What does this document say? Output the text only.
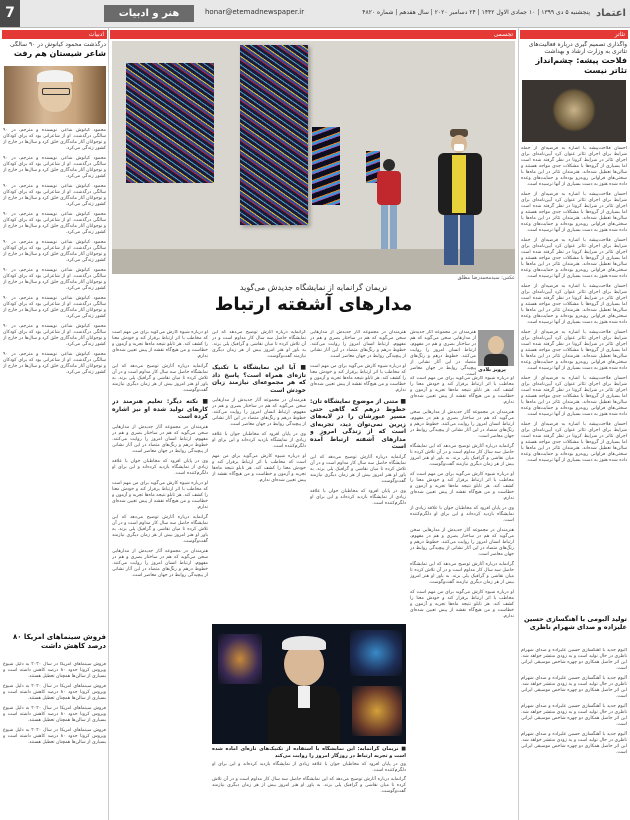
7	هنر و ادبیات	honar@etemadnewspaper.ir	پنجشنبه ۵ دی ۱۳۹۹ | ۱۰ جمادی الاول ۱۴۴۲ | ۲۴ دسامبر ۲۰۲۰ | سال هفدهم | شماره ۴۸۲۰ اعتماد
تئاتر
واگذاری تصمیم گیری درباره فعالیت‌های تئاتری به وزارت ارشاد و بهداشت
فلاحت پیشه: چشم‌انداز تئاتر نیست
احسان فلاحت‌پیشه با اشاره به فرضیه‌ای از جمله شرایط برای اجرای تئاتر عنوان کرد آیین‌نامه‌ای برای اجرای تئاتر در شرایط کرونا در نظر گرفته شده است اما بسیاری از گروه‌ها با مشکلات جدی مواجه هستند و سالن‌ها تعطیل شده‌اند. هنرمندان تئاتر در این ماه‌ها با سختی‌های فراوانی روبه‌رو بوده‌اند و حمایت‌های وعده داده شده هنوز به دست بسیاری از آنها نرسیده است.
احسان فلاحت‌پیشه با اشاره به فرضیه‌ای از جمله شرایط برای اجرای تئاتر عنوان کرد آیین‌نامه‌ای برای اجرای تئاتر در شرایط کرونا در نظر گرفته شده است اما بسیاری از گروه‌ها با مشکلات جدی مواجه هستند و سالن‌ها تعطیل شده‌اند. هنرمندان تئاتر در این ماه‌ها با سختی‌های فراوانی روبه‌رو بوده‌اند و حمایت‌های وعده داده شده هنوز به دست بسیاری از آنها نرسیده است.
احسان فلاحت‌پیشه با اشاره به فرضیه‌ای از جمله شرایط برای اجرای تئاتر عنوان کرد آیین‌نامه‌ای برای اجرای تئاتر در شرایط کرونا در نظر گرفته شده است اما بسیاری از گروه‌ها با مشکلات جدی مواجه هستند و سالن‌ها تعطیل شده‌اند. هنرمندان تئاتر در این ماه‌ها با سختی‌های فراوانی روبه‌رو بوده‌اند و حمایت‌های وعده داده شده هنوز به دست بسیاری از آنها نرسیده است.
احسان فلاحت‌پیشه با اشاره به فرضیه‌ای از جمله شرایط برای اجرای تئاتر عنوان کرد آیین‌نامه‌ای برای اجرای تئاتر در شرایط کرونا در نظر گرفته شده است اما بسیاری از گروه‌ها با مشکلات جدی مواجه هستند و سالن‌ها تعطیل شده‌اند. هنرمندان تئاتر در این ماه‌ها با سختی‌های فراوانی روبه‌رو بوده‌اند و حمایت‌های وعده داده شده هنوز به دست بسیاری از آنها نرسیده است.
احسان فلاحت‌پیشه با اشاره به فرضیه‌ای از جمله شرایط برای اجرای تئاتر عنوان کرد آیین‌نامه‌ای برای اجرای تئاتر در شرایط کرونا در نظر گرفته شده است اما بسیاری از گروه‌ها با مشکلات جدی مواجه هستند و سالن‌ها تعطیل شده‌اند. هنرمندان تئاتر در این ماه‌ها با سختی‌های فراوانی روبه‌رو بوده‌اند و حمایت‌های وعده داده شده هنوز به دست بسیاری از آنها نرسیده است.
احسان فلاحت‌پیشه با اشاره به فرضیه‌ای از جمله شرایط برای اجرای تئاتر عنوان کرد آیین‌نامه‌ای برای اجرای تئاتر در شرایط کرونا در نظر گرفته شده است اما بسیاری از گروه‌ها با مشکلات جدی مواجه هستند و سالن‌ها تعطیل شده‌اند. هنرمندان تئاتر در این ماه‌ها با سختی‌های فراوانی روبه‌رو بوده‌اند و حمایت‌های وعده داده شده هنوز به دست بسیاری از آنها نرسیده است.
احسان فلاحت‌پیشه با اشاره به فرضیه‌ای از جمله شرایط برای اجرای تئاتر عنوان کرد آیین‌نامه‌ای برای اجرای تئاتر در شرایط کرونا در نظر گرفته شده است اما بسیاری از گروه‌ها با مشکلات جدی مواجه هستند و سالن‌ها تعطیل شده‌اند. هنرمندان تئاتر در این ماه‌ها با سختی‌های فراوانی روبه‌رو بوده‌اند و حمایت‌های وعده داده شده هنوز به دست بسیاری از آنها نرسیده است.
تولید آلبومی با آهنگسازی حسین علیزاده و صدای شهرام ناظری
آلبوم جدید با آهنگسازی حسین علیزاده و صدای شهرام ناظری در حال تولید است و به زودی منتشر خواهد شد. این اثر حاصل همکاری دو چهره شاخص موسیقی ایرانی است.
آلبوم جدید با آهنگسازی حسین علیزاده و صدای شهرام ناظری در حال تولید است و به زودی منتشر خواهد شد. این اثر حاصل همکاری دو چهره شاخص موسیقی ایرانی است.
آلبوم جدید با آهنگسازی حسین علیزاده و صدای شهرام ناظری در حال تولید است و به زودی منتشر خواهد شد. این اثر حاصل همکاری دو چهره شاخص موسیقی ایرانی است.
آلبوم جدید با آهنگسازی حسین علیزاده و صدای شهرام ناظری در حال تولید است و به زودی منتشر خواهد شد. این اثر حاصل همکاری دو چهره شاخص موسیقی ایرانی است.
ادبیات
درگذشت محمود کیانوش در ۹۰ سالگی
شاعر شیستان هم رفت
محمود کیانوش شاعر، نویسنده و مترجم، در ۹۰ سالگی درگذشت. او از شاعرانی بود که برای کودکان و نوجوانان آثار ماندگاری خلق کرد و سال‌ها در خارج از کشور زندگی می‌کرد.
محمود کیانوش شاعر، نویسنده و مترجم، در ۹۰ سالگی درگذشت. او از شاعرانی بود که برای کودکان و نوجوانان آثار ماندگاری خلق کرد و سال‌ها در خارج از کشور زندگی می‌کرد.
محمود کیانوش شاعر، نویسنده و مترجم، در ۹۰ سالگی درگذشت. او از شاعرانی بود که برای کودکان و نوجوانان آثار ماندگاری خلق کرد و سال‌ها در خارج از کشور زندگی می‌کرد.
محمود کیانوش شاعر، نویسنده و مترجم، در ۹۰ سالگی درگذشت. او از شاعرانی بود که برای کودکان و نوجوانان آثار ماندگاری خلق کرد و سال‌ها در خارج از کشور زندگی می‌کرد.
محمود کیانوش شاعر، نویسنده و مترجم، در ۹۰ سالگی درگذشت. او از شاعرانی بود که برای کودکان و نوجوانان آثار ماندگاری خلق کرد و سال‌ها در خارج از کشور زندگی می‌کرد.
محمود کیانوش شاعر، نویسنده و مترجم، در ۹۰ سالگی درگذشت. او از شاعرانی بود که برای کودکان و نوجوانان آثار ماندگاری خلق کرد و سال‌ها در خارج از کشور زندگی می‌کرد.
محمود کیانوش شاعر، نویسنده و مترجم، در ۹۰ سالگی درگذشت. او از شاعرانی بود که برای کودکان و نوجوانان آثار ماندگاری خلق کرد و سال‌ها در خارج از کشور زندگی می‌کرد.
محمود کیانوش شاعر، نویسنده و مترجم، در ۹۰ سالگی درگذشت. او از شاعرانی بود که برای کودکان و نوجوانان آثار ماندگاری خلق کرد و سال‌ها در خارج از کشور زندگی می‌کرد.
محمود کیانوش شاعر، نویسنده و مترجم، در ۹۰ سالگی درگذشت. او از شاعرانی بود که برای کودکان و نوجوانان آثار ماندگاری خلق کرد و سال‌ها در خارج از کشور زندگی می‌کرد.
فروش سینماهای امریکا ۸۰ درصد کاهش داشت
فروش سینماهای امریکا در سال ۲۰۲۰ به دلیل شیوع ویروس کرونا حدود ۸۰ درصد کاهش داشته است و بسیاری از سالن‌ها همچنان تعطیل هستند.
فروش سینماهای امریکا در سال ۲۰۲۰ به دلیل شیوع ویروس کرونا حدود ۸۰ درصد کاهش داشته است و بسیاری از سالن‌ها همچنان تعطیل هستند.
فروش سینماهای امریکا در سال ۲۰۲۰ به دلیل شیوع ویروس کرونا حدود ۸۰ درصد کاهش داشته است و بسیاری از سالن‌ها همچنان تعطیل هستند.
فروش سینماهای امریکا در سال ۲۰۲۰ به دلیل شیوع ویروس کرونا حدود ۸۰ درصد کاهش داشته است و بسیاری از سالن‌ها همچنان تعطیل هستند.
تجسمی
عکس: سیدمحمدرضا مطلق
نریمان گرانمایه از نمایشگاه جدیدش می‌گوید
مدارهای آشفته ارتباط
پرویز بلادی
هنرمندان در مجموعه آثار جدیدش از مدارهایی سخن می‌گوید که هم در ساختار بصری و هم در مفهوم، ارتباط انسان امروز را روایت می‌کنند. خطوط درهم و رنگ‌های متضاد در این آثار نشانی از پیچیدگی روابط در جهان معاصر است.
او درباره شیوه کارش می‌گوید برای من مهم است که مخاطب با اثر ارتباط برقرار کند و خودش معنا را کشف کند. هر تابلو نتیجه ماه‌ها تجربه و آزمون و خطاست و من هیچ‌گاه نقشه از پیش تعیین شده‌ای ندارم.
هنرمندان در مجموعه آثار جدیدش از مدارهایی سخن می‌گوید که هم در ساختار بصری و هم در مفهوم، ارتباط انسان امروز را روایت می‌کنند. خطوط درهم و رنگ‌های متضاد در این آثار نشانی از پیچیدگی روابط در جهان معاصر است.
گرانمایه درباره آثارش توضیح می‌دهد که این نمایشگاه حاصل سه سال کار مداوم است و در آن تلاش کرده تا میان نقاشی و گرافیک پلی بزند. به باور او هنر امروز بیش از هر زمان دیگری نیازمند گفت‌وگوست.
او درباره شیوه کارش می‌گوید برای من مهم است که مخاطب با اثر ارتباط برقرار کند و خودش معنا را کشف کند. هر تابلو نتیجه ماه‌ها تجربه و آزمون و خطاست و من هیچ‌گاه نقشه از پیش تعیین شده‌ای ندارم.
وی در پایان افزود که مخاطبان جوان با علاقه زیادی از نمایشگاه بازدید کرده‌اند و این برای او دلگرم‌کننده است.
هنرمندان در مجموعه آثار جدیدش از مدارهایی سخن می‌گوید که هم در ساختار بصری و هم در مفهوم، ارتباط انسان امروز را روایت می‌کنند. خطوط درهم و رنگ‌های متضاد در این آثار نشانی از پیچیدگی روابط در جهان معاصر است.
گرانمایه درباره آثارش توضیح می‌دهد که این نمایشگاه حاصل سه سال کار مداوم است و در آن تلاش کرده تا میان نقاشی و گرافیک پلی بزند. به باور او هنر امروز بیش از هر زمان دیگری نیازمند گفت‌وگوست.
او درباره شیوه کارش می‌گوید برای من مهم است که مخاطب با اثر ارتباط برقرار کند و خودش معنا را کشف کند. هر تابلو نتیجه ماه‌ها تجربه و آزمون و خطاست و من هیچ‌گاه نقشه از پیش تعیین شده‌ای ندارم.
هنرمندان در مجموعه آثار جدیدش از مدارهایی سخن می‌گوید که هم در ساختار بصری و هم در مفهوم، ارتباط انسان امروز را روایت می‌کنند. خطوط درهم و رنگ‌های متضاد در این آثار نشانی از پیچیدگی روابط در جهان معاصر است.
او درباره شیوه کارش می‌گوید برای من مهم است که مخاطب با اثر ارتباط برقرار کند و خودش معنا را کشف کند. هر تابلو نتیجه ماه‌ها تجربه و آزمون و خطاست و من هیچ‌گاه نقشه از پیش تعیین شده‌ای ندارم.
■ متنی از موضوع نمایشگاه تان: خطوط درهم که گاهی حتی مسیر عبورشان را در لایه‌های زیرین نمی‌توان دید، تجربه‌ای است که از زندگی امروز و مدارهای آشفته ارتباط آمده است
گرانمایه درباره آثارش توضیح می‌دهد که این نمایشگاه حاصل سه سال کار مداوم است و در آن تلاش کرده تا میان نقاشی و گرافیک پلی بزند. به باور او هنر امروز بیش از هر زمان دیگری نیازمند گفت‌وگوست.
وی در پایان افزود که مخاطبان جوان با علاقه زیادی از نمایشگاه بازدید کرده‌اند و این برای او دلگرم‌کننده است.
گرانمایه درباره آثارش توضیح می‌دهد که این نمایشگاه حاصل سه سال کار مداوم است و در آن تلاش کرده تا میان نقاشی و گرافیک پلی بزند. به باور او هنر امروز بیش از هر زمان دیگری نیازمند گفت‌وگوست.
■ آیا این نمایشگاه با تکنیک تازه‌ای همراه است؟ پاسخ داد که هر مجموعه‌ای نیازمند زبان خودش است
هنرمندان در مجموعه آثار جدیدش از مدارهایی سخن می‌گوید که هم در ساختار بصری و هم در مفهوم، ارتباط انسان امروز را روایت می‌کنند. خطوط درهم و رنگ‌های متضاد در این آثار نشانی از پیچیدگی روابط در جهان معاصر است.
وی در پایان افزود که مخاطبان جوان با علاقه زیادی از نمایشگاه بازدید کرده‌اند و این برای او دلگرم‌کننده است.
او درباره شیوه کارش می‌گوید برای من مهم است که مخاطب با اثر ارتباط برقرار کند و خودش معنا را کشف کند. هر تابلو نتیجه ماه‌ها تجربه و آزمون و خطاست و من هیچ‌گاه نقشه از پیش تعیین شده‌ای ندارم.
او درباره شیوه کارش می‌گوید برای من مهم است که مخاطب با اثر ارتباط برقرار کند و خودش معنا را کشف کند. هر تابلو نتیجه ماه‌ها تجربه و آزمون و خطاست و من هیچ‌گاه نقشه از پیش تعیین شده‌ای ندارم.
گرانمایه درباره آثارش توضیح می‌دهد که این نمایشگاه حاصل سه سال کار مداوم است و در آن تلاش کرده تا میان نقاشی و گرافیک پلی بزند. به باور او هنر امروز بیش از هر زمان دیگری نیازمند گفت‌وگوست.
■ نکته دیگر: تعلیم هنرمند در کارهای تولید شده او نیز اشاره کرده است
هنرمندان در مجموعه آثار جدیدش از مدارهایی سخن می‌گوید که هم در ساختار بصری و هم در مفهوم، ارتباط انسان امروز را روایت می‌کنند. خطوط درهم و رنگ‌های متضاد در این آثار نشانی از پیچیدگی روابط در جهان معاصر است.
وی در پایان افزود که مخاطبان جوان با علاقه زیادی از نمایشگاه بازدید کرده‌اند و این برای او دلگرم‌کننده است.
او درباره شیوه کارش می‌گوید برای من مهم است که مخاطب با اثر ارتباط برقرار کند و خودش معنا را کشف کند. هر تابلو نتیجه ماه‌ها تجربه و آزمون و خطاست و من هیچ‌گاه نقشه از پیش تعیین شده‌ای ندارم.
گرانمایه درباره آثارش توضیح می‌دهد که این نمایشگاه حاصل سه سال کار مداوم است و در آن تلاش کرده تا میان نقاشی و گرافیک پلی بزند. به باور او هنر امروز بیش از هر زمان دیگری نیازمند گفت‌وگوست.
هنرمندان در مجموعه آثار جدیدش از مدارهایی سخن می‌گوید که هم در ساختار بصری و هم در مفهوم، ارتباط انسان امروز را روایت می‌کنند. خطوط درهم و رنگ‌های متضاد در این آثار نشانی از پیچیدگی روابط در جهان معاصر است.
■ نریمان گرانمایه: این نمایشگاه با استفاده از تکنیک‌های تازه‌ای آماده شده است و تجربه ارتباط در روزگار امروز را روایت می‌کند
وی در پایان افزود که مخاطبان جوان با علاقه زیادی از نمایشگاه بازدید کرده‌اند و این برای او دلگرم‌کننده است.
گرانمایه درباره آثارش توضیح می‌دهد که این نمایشگاه حاصل سه سال کار مداوم است و در آن تلاش کرده تا میان نقاشی و گرافیک پلی بزند. به باور او هنر امروز بیش از هر زمان دیگری نیازمند گفت‌وگوست.
